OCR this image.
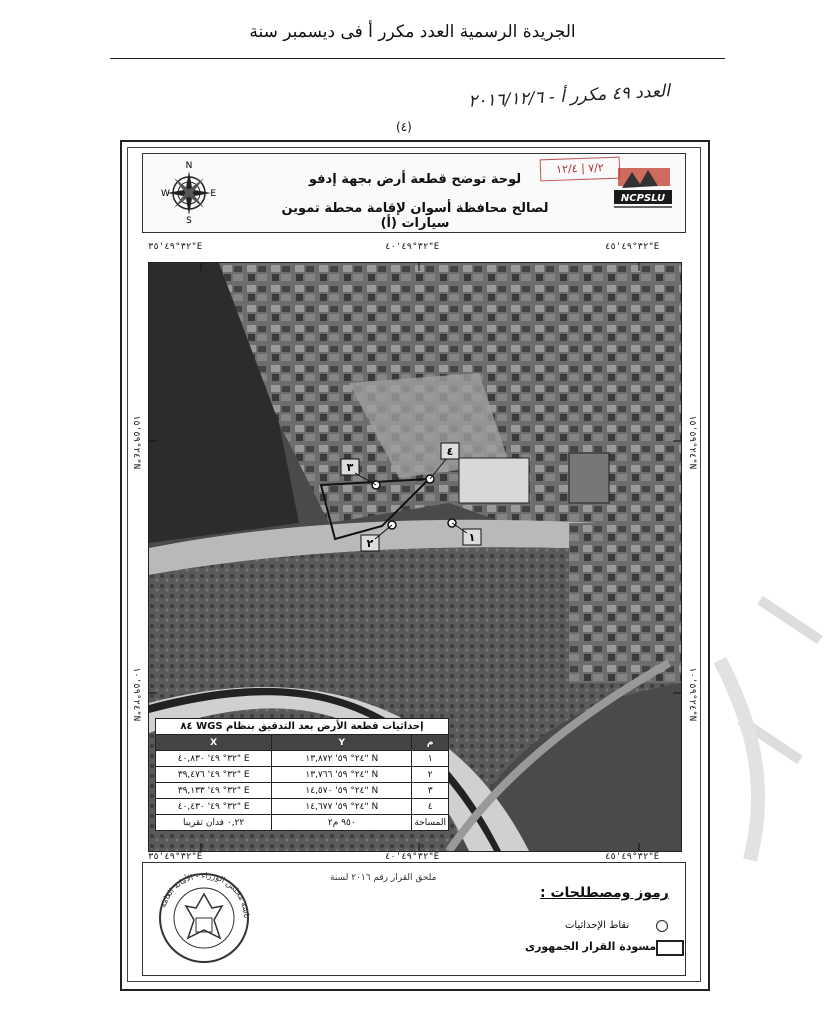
الجريدة الرسمية العدد مكرر أ فى ديسمبر سنة
العدد ٤٩ مكرر أ - ٢٠١٦/١٢/٦
(٤)
N
S
E
W
لوحة توضح قطعة أرض بجهة إدفو
لصالح محافظة أسوان لإقامة محطة تموين سيارات (أ)
٧/٢ | ١٢/٤
NCPSLU
٣٢°٤٩'٣٥"E	٣٢°٤٩'٤٠"E	٣٢°٤٩'٤٥"E
٣٢°٤٩'٣٥"E	٣٢°٤٩'٤٠"E	٣٢°٤٩'٤٥"E
٢٤°٥٩'١٥"N
٢٤°٥٩'١٠"N
٢٤°٥٩'١٥"N
٢٤°٥٩'١٠"N
١
٢
٣
٤
إحداثيات قطعة الأرض بعد التدقيق بنظام WGS ٨٤		
X	Y	م
٣٢° ٤٩' ٤٠,٨٣٠" E	٢٤° ٥٩' ١٣,٨٧٢" N	١
٣٢° ٤٩' ٣٩,٤٧٦" E	٢٤° ٥٩' ١٣,٧٦٦" N	٢
٣٢° ٤٩' ٣٩,١٣٣" E	٢٤° ٥٩' ١٤,٥٧٠" N	٣
٣٢° ٤٩' ٤٠,٤٣٠" E	٢٤° ٥٩' ١٤,٦٧٧" N	٤
٠,٢٢ فدان تقريبا	٩٥٠ م٢	المساحة
ئاسة مجلس الوزراء - الأمانة العامة
ملحق القرار رقم ٢٠١٦ لسنة
رموز ومصطلحات :
نقاط الإحداثيات
مسودة القرار الجمهورى
